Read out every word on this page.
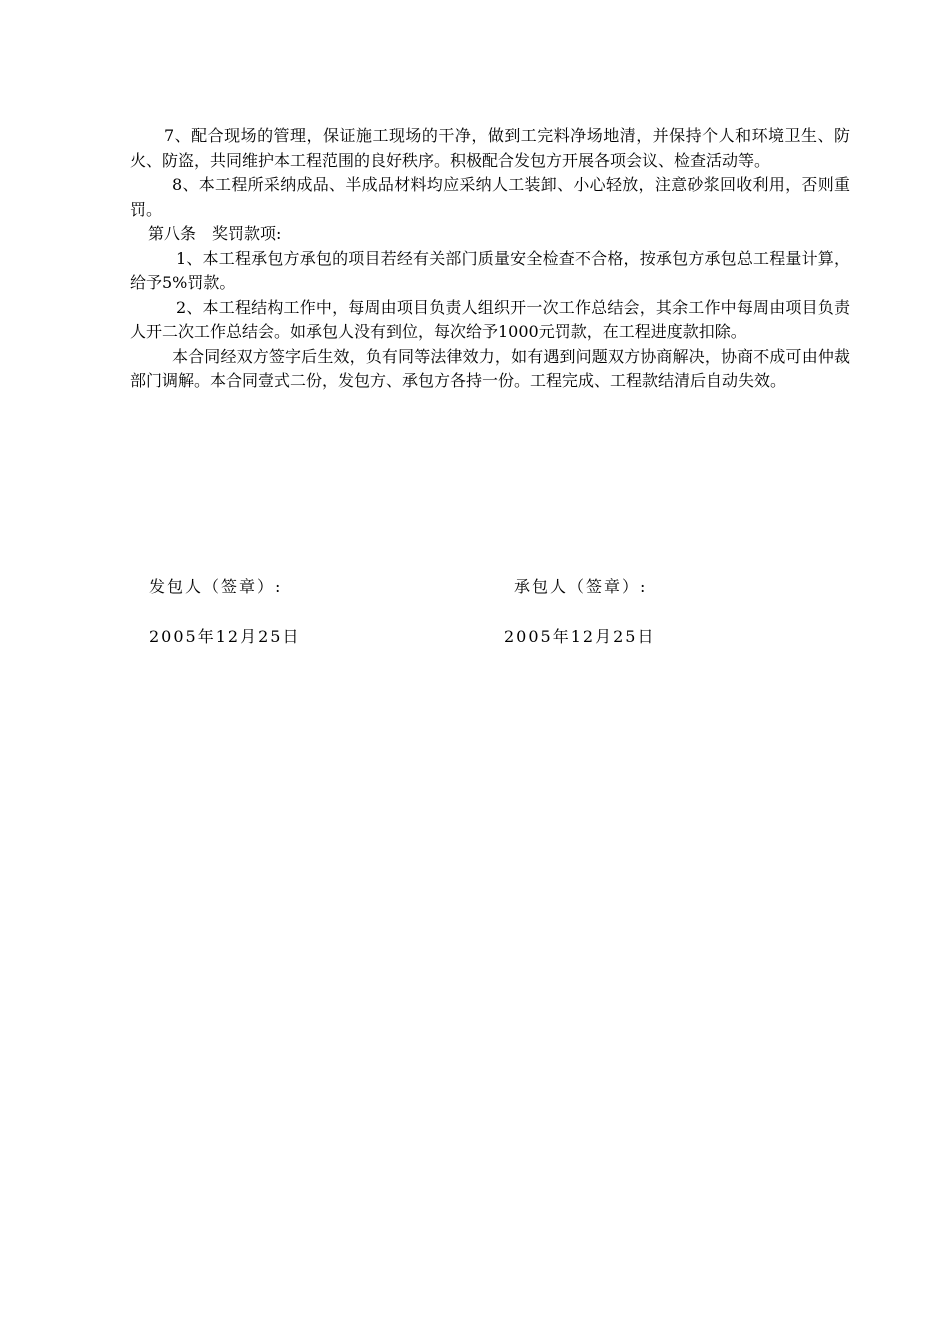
7、配合现场的管理，保证施工现场的干净，做到工完料净场地清，并保持个人和环境卫生、防火、防盗，共同维护本工程范围的良好秩序。积极配合发包方开展各项会议、检查活动等。

8、本工程所采纳成品、半成品材料均应采纳人工装卸、小心轻放，注意砂浆回收利用，否则重罚。

第八条　奖罚款项:

1、本工程承包方承包的项目若经有关部门质量安全检查不合格，按承包方承包总工程量计算，给予5%罚款。

2、本工程结构工作中，每周由项目负责人组织开一次工作总结会，其余工作中每周由项目负责人开二次工作总结会。如承包人没有到位，每次给予1000元罚款，在工程进度款扣除。

本合同经双方签字后生效，负有同等法律效力，如有遇到问题双方协商解决，协商不成可由仲裁部门调解。本合同壹式二份，发包方、承包方各持一份。工程完成、工程款结清后自动失效。

发包人（签章）:	承包人（签章）:
2005年12月25日	2005年12月25日
